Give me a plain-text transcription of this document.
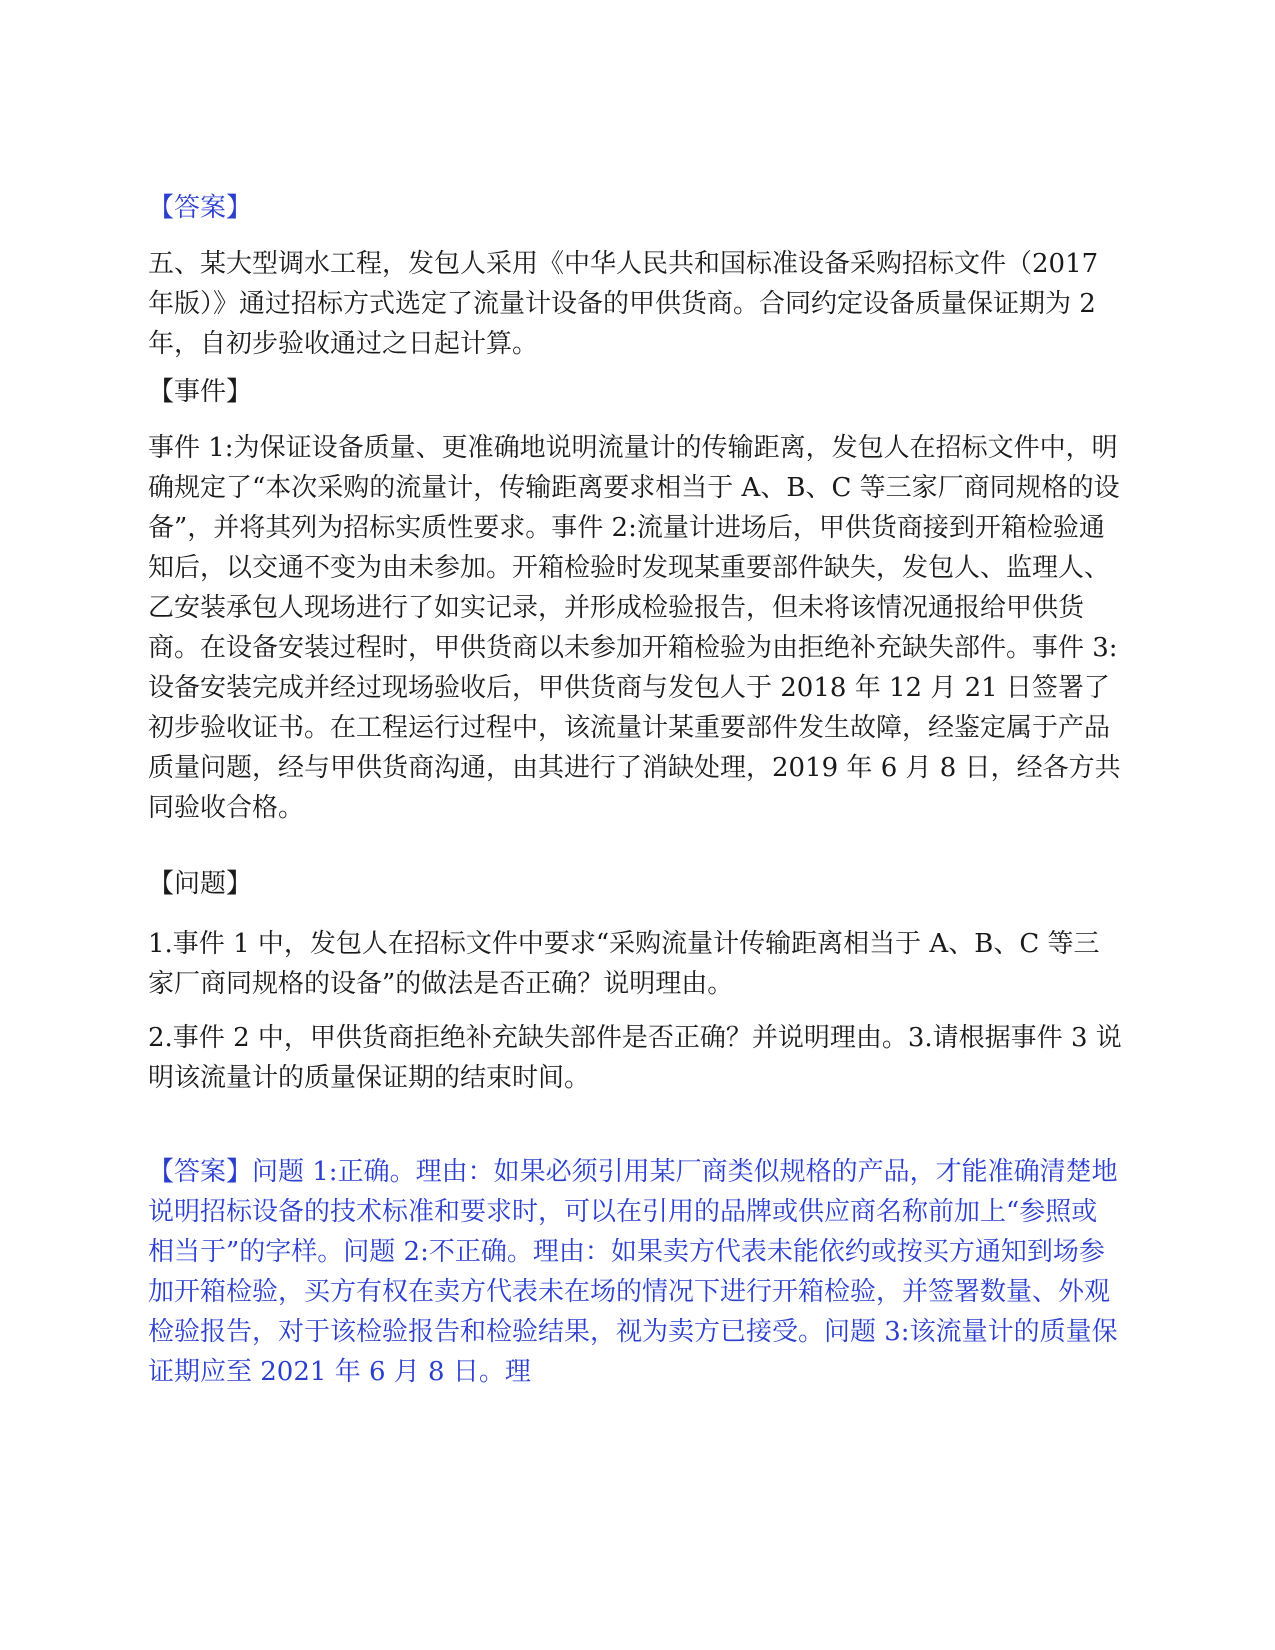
【答案】

五、某大型调水工程，发包人采用《中华人民共和国标准设备采购招标文件（2017 年版）》通过招标方式选定了流量计设备的甲供货商。合同约定设备质量保证期为 2 年，自初步验收通过之日起计算。

【事件】

事件 1:为保证设备质量、更准确地说明流量计的传输距离，发包人在招标文件中，明确规定了“本次采购的流量计，传输距离要求相当于 A、B、C 等三家厂商同规格的设备”，并将其列为招标实质性要求。事件 2:流量计进场后，甲供货商接到开箱检验通知后，以交通不变为由未参加。开箱检验时发现某重要部件缺失，发包人、监理人、乙安装承包人现场进行了如实记录，并形成检验报告，但未将该情况通报给甲供货商。在设备安装过程时，甲供货商以未参加开箱检验为由拒绝补充缺失部件。事件 3:设备安装完成并经过现场验收后，甲供货商与发包人于 2018 年 12 月 21 日签署了初步验收证书。在工程运行过程中，该流量计某重要部件发生故障，经鉴定属于产品质量问题，经与甲供货商沟通，由其进行了消缺处理，2019 年 6 月 8 日，经各方共同验收合格。

【问题】

1.事件 1 中，发包人在招标文件中要求“采购流量计传输距离相当于 A、B、C 等三家厂商同规格的设备”的做法是否正确？说明理由。

2.事件 2 中，甲供货商拒绝补充缺失部件是否正确？并说明理由。3.请根据事件 3 说明该流量计的质量保证期的结束时间。

【答案】问题 1:正确。理由：如果必须引用某厂商类似规格的产品，才能准确清楚地说明招标设备的技术标准和要求时，可以在引用的品牌或供应商名称前加上“参照或相当于”的字样。问题 2:不正确。理由：如果卖方代表未能依约或按买方通知到场参加开箱检验，买方有权在卖方代表未在场的情况下进行开箱检验，并签署数量、外观检验报告，对于该检验报告和检验结果，视为卖方已接受。问题 3:该流量计的质量保证期应至 2021 年 6 月 8 日。理
